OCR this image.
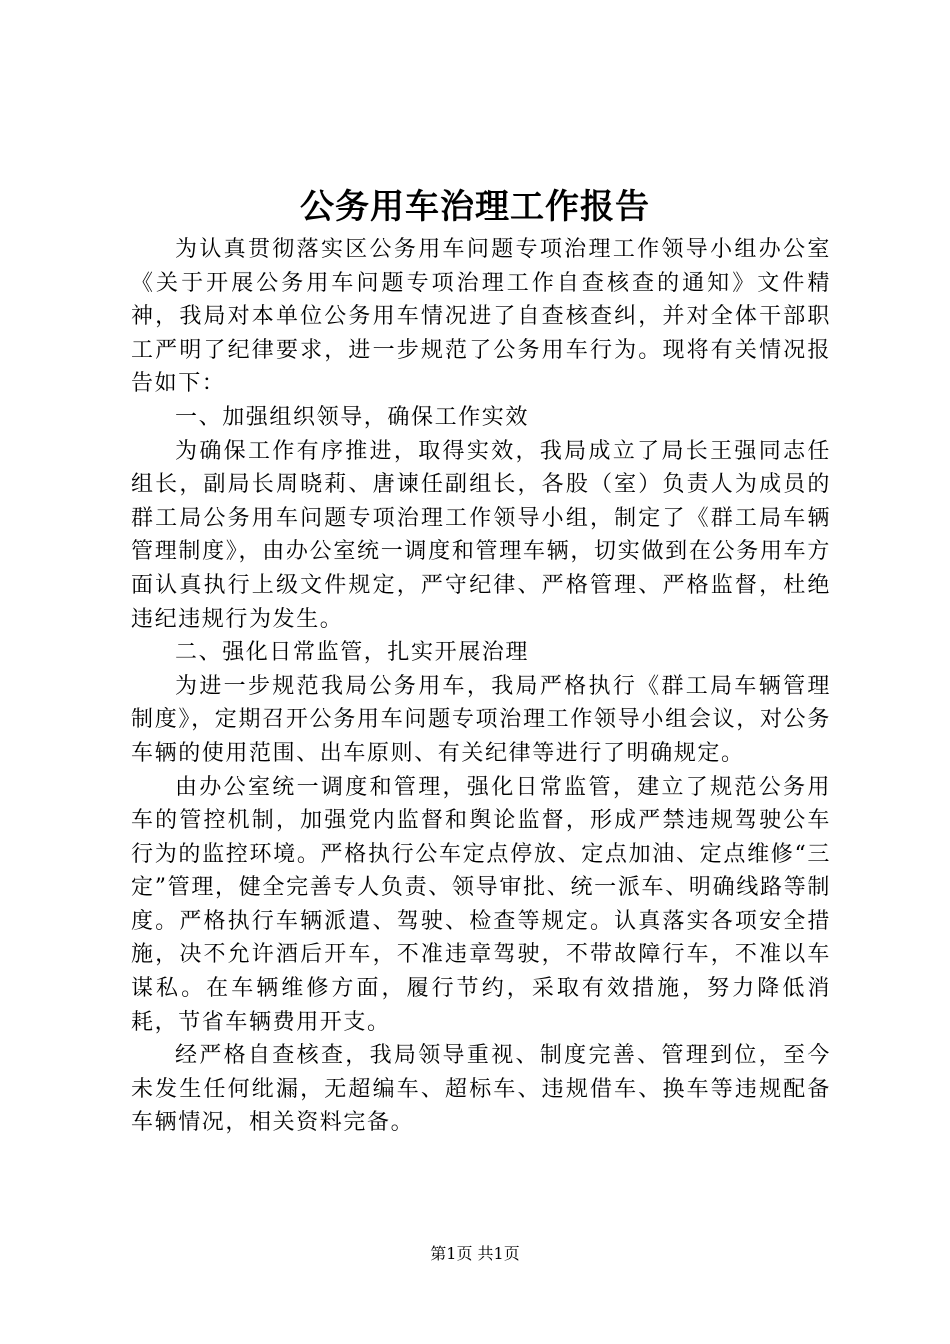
公务用车治理工作报告

为认真贯彻落实区公务用车问题专项治理工作领导小组办公室《关于开展公务用车问题专项治理工作自查核查的通知》文件精神，我局对本单位公务用车情况进了自查核查纠，并对全体干部职工严明了纪律要求，进一步规范了公务用车行为。现将有关情况报告如下：

一、加强组织领导，确保工作实效

为确保工作有序推进，取得实效，我局成立了局长王强同志任组长，副局长周晓莉、唐谏任副组长，各股（室）负责人为成员的群工局公务用车问题专项治理工作领导小组，制定了《群工局车辆管理制度》，由办公室统一调度和管理车辆，切实做到在公务用车方面认真执行上级文件规定，严守纪律、严格管理、严格监督，杜绝违纪违规行为发生。

二、强化日常监管，扎实开展治理

为进一步规范我局公务用车，我局严格执行《群工局车辆管理制度》，定期召开公务用车问题专项治理工作领导小组会议，对公务车辆的使用范围、出车原则、有关纪律等进行了明确规定。

由办公室统一调度和管理，强化日常监管，建立了规范公务用车的管控机制，加强党内监督和舆论监督，形成严禁违规驾驶公车行为的监控环境。严格执行公车定点停放、定点加油、定点维修“三定”管理，健全完善专人负责、领导审批、统一派车、明确线路等制度。严格执行车辆派遣、驾驶、检查等规定。认真落实各项安全措施，决不允许酒后开车，不准违章驾驶，不带故障行车，不准以车谋私。在车辆维修方面，履行节约，采取有效措施，努力降低消耗，节省车辆费用开支。

经严格自查核查，我局领导重视、制度完善、管理到位，至今未发生任何纰漏，无超编车、超标车、违规借车、换车等违规配备车辆情况，相关资料完备。

第1页 共1页
